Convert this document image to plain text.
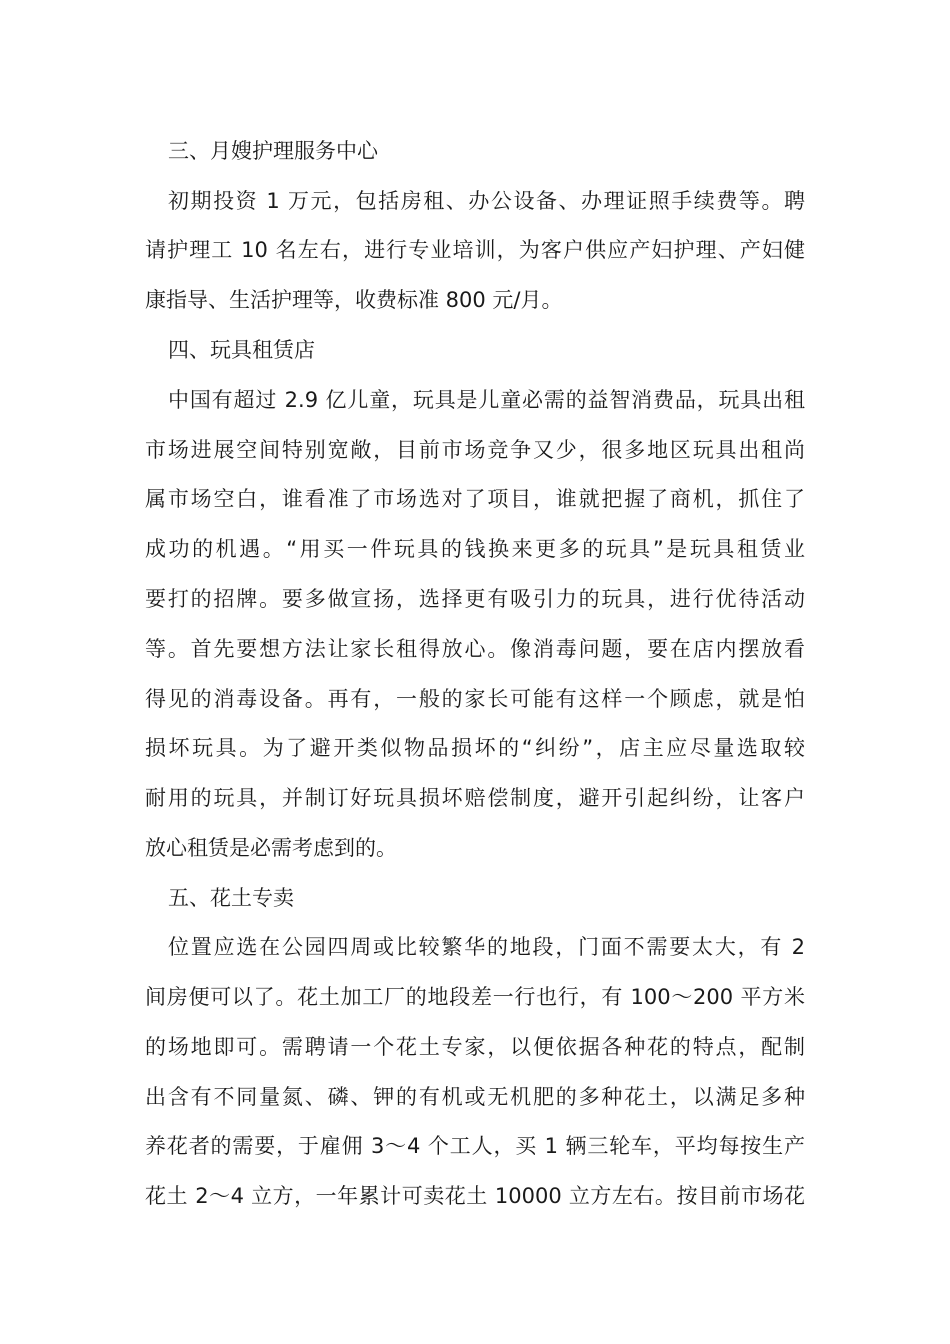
三、月嫂护理服务中心
初期投资 1 万元，包括房租、办公设备、办理证照手续费等。聘
请护理工 10 名左右，进行专业培训，为客户供应产妇护理、产妇健
康指导、生活护理等，收费标准 800 元/月。
四、玩具租赁店
中国有超过 2.9 亿儿童，玩具是儿童必需的益智消费品，玩具出租
市场进展空间特别宽敞，目前市场竞争又少，很多地区玩具出租尚
属市场空白，谁看准了市场选对了项目，谁就把握了商机，抓住了
成功的机遇。“用买一件玩具的钱换来更多的玩具”是玩具租赁业
要打的招牌。要多做宣扬，选择更有吸引力的玩具，进行优待活动
等。首先要想方法让家长租得放心。像消毒问题，要在店内摆放看
得见的消毒设备。再有，一般的家长可能有这样一个顾虑，就是怕
损坏玩具。为了避开类似物品损坏的“纠纷”，店主应尽量选取较
耐用的玩具，并制订好玩具损坏赔偿制度，避开引起纠纷，让客户
放心租赁是必需考虑到的。
五、花土专卖
位置应选在公园四周或比较繁华的地段，门面不需要太大，有 2
间房便可以了。花土加工厂的地段差一行也行，有 100～200 平方米
的场地即可。需聘请一个花土专家，以便依据各种花的特点，配制
出含有不同量氮、磷、钾的有机或无机肥的多种花土，以满足多种
养花者的需要，于雇佣 3～4 个工人，买 1 辆三轮车，平均每按生产
花土 2～4 立方，一年累计可卖花土 10000 立方左右。按目前市场花
